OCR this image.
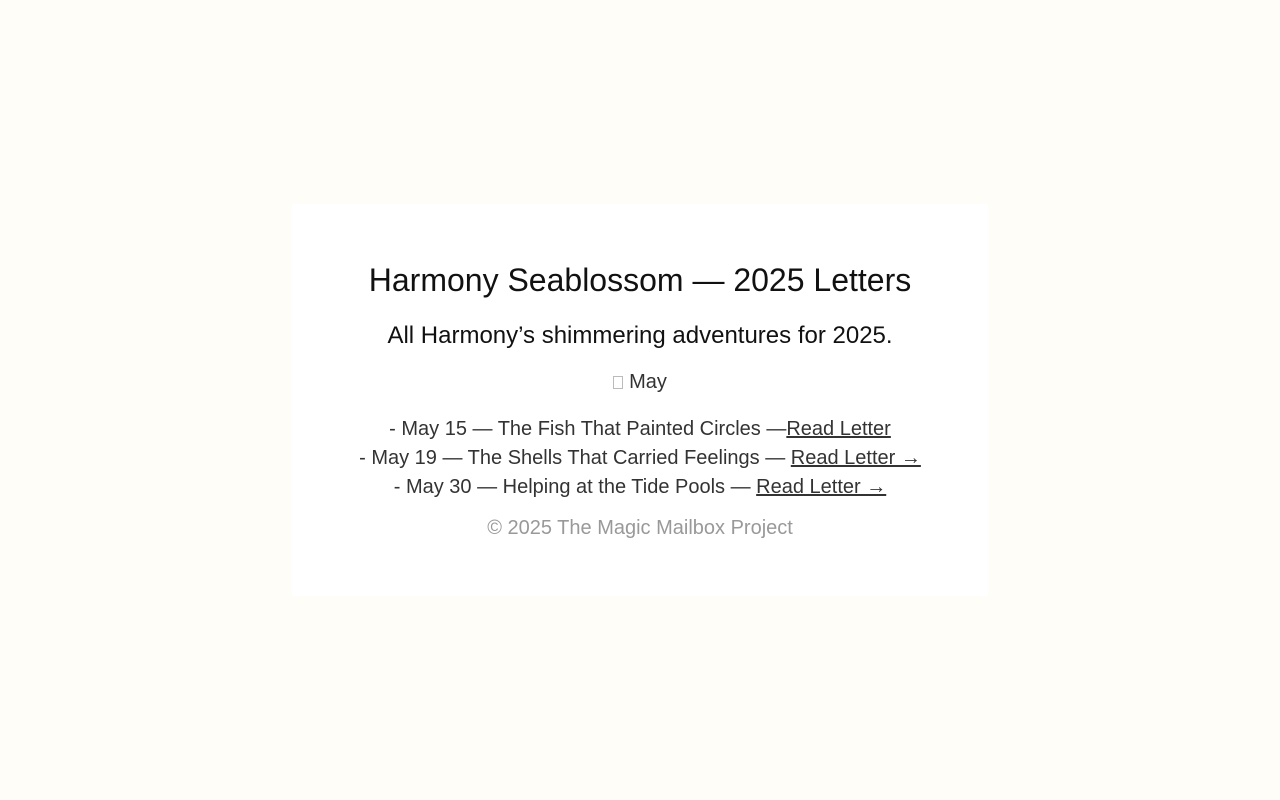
Harmony Seablossom — 2025 Letters

All Harmony’s shimmering adventures for 2025.

May
- May 15 — The Fish That Painted Circles —Read Letter
- May 19 — The Shells That Carried Feelings — Read Letter →
- May 30 — Helping at the Tide Pools — Read Letter →
© 2025 The Magic Mailbox Project
